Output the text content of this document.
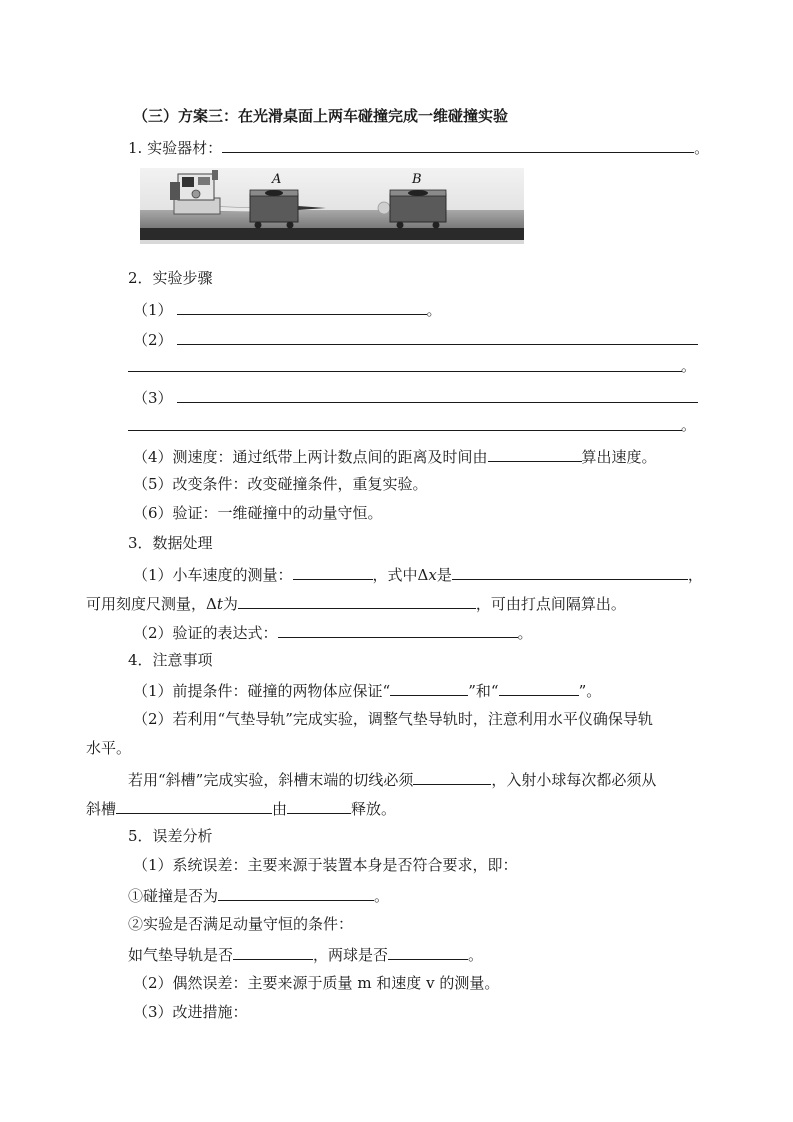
（三）方案三：在光滑桌面上两车碰撞完成一维碰撞实验
1. 实验器材：	。
A	B
2．实验步骤
（1）	。
（2）
。
（3）
。
（4）测速度：通过纸带上两计数点间的距离及时间由	算出速度。
（5）改变条件：改变碰撞条件，重复实验。
（6）验证：一维碰撞中的动量守恒。
3．数据处理
（1）小车速度的测量：	，式中Δx是	，
可用刻度尺测量，Δt为	，可由打点间隔算出。
（2）验证的表达式：	。
4．注意事项
（1）前提条件：碰撞的两物体应保证“	”和“	”。
（2）若利用“气垫导轨”完成实验，调整气垫导轨时，注意利用水平仪确保导轨
水平。
若用“斜槽”完成实验，斜槽末端的切线必须	，入射小球每次都必须从
斜槽	由	释放。
5．误差分析
（1）系统误差：主要来源于装置本身是否符合要求，即：
①碰撞是否为	。
②实验是否满足动量守恒的条件：
如气垫导轨是否	，两球是否	。
（2）偶然误差：主要来源于质量 m 和速度 v 的测量。
（3）改进措施：
